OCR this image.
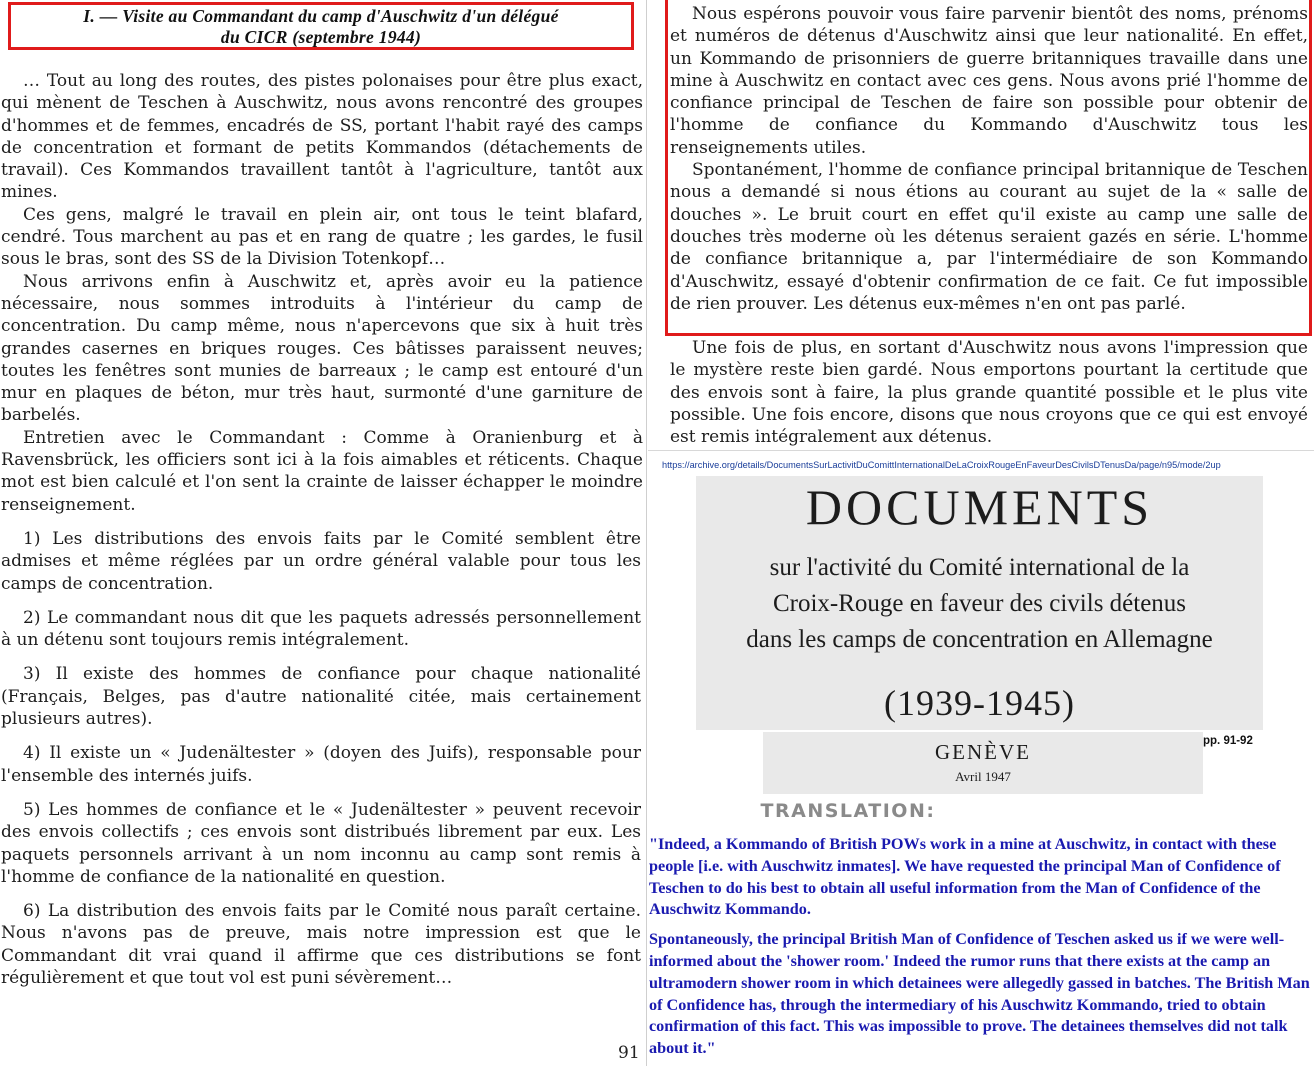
I. — Visite au Commandant du camp d'Auschwitz d'un délégué
du CICR (septembre 1944)

… Tout au long des routes, des pistes polonaises pour être plus exact, qui mènent de Teschen à Auschwitz, nous avons rencontré des groupes d'hommes et de femmes, encadrés de SS, portant l'habit rayé des camps de concentration et formant de petits Kommandos (détachements de travail). Ces Kommandos travaillent tantôt à l'agriculture, tantôt aux mines.

Ces gens, malgré le travail en plein air, ont tous le teint blafard, cendré. Tous marchent au pas et en rang de quatre ; les gardes, le fusil sous le bras, sont des SS de la Division Totenkopf…

Nous arrivons enfin à Auschwitz et, après avoir eu la patience nécessaire, nous sommes introduits à l'intérieur du camp de concentration. Du camp même, nous n'apercevons que six à huit très grandes casernes en briques rouges. Ces bâtisses paraissent neuves; toutes les fenêtres sont munies de barreaux ; le camp est entouré d'un mur en plaques de béton, mur très haut, surmonté d'une garniture de barbelés.

Entretien avec le Commandant : Comme à Oranienburg et à Ravensbrück, les officiers sont ici à la fois aimables et réticents. Chaque mot est bien calculé et l'on sent la crainte de laisser échapper le moindre renseignement.

1) Les distributions des envois faits par le Comité semblent être admises et même réglées par un ordre général valable pour tous les camps de concentration.

2) Le commandant nous dit que les paquets adressés personnellement à un détenu sont toujours remis intégralement.

3) Il existe des hommes de confiance pour chaque nationalité (Français, Belges, pas d'autre nationalité citée, mais certainement plusieurs autres).

4) Il existe un « Judenältester » (doyen des Juifs), responsable pour l'ensemble des internés juifs.

5) Les hommes de confiance et le « Judenältester » peuvent recevoir des envois collectifs ; ces envois sont distribués librement par eux. Les paquets personnels arrivant à un nom inconnu au camp sont remis à l'homme de confiance de la nationalité en question.

6) La distribution des envois faits par le Comité nous paraît certaine. Nous n'avons pas de preuve, mais notre impression est que le Commandant dit vrai quand il affirme que ces distributions se font régulièrement et que tout vol est puni sévèrement…

91

Nous espérons pouvoir vous faire parvenir bientôt des noms, prénoms et numéros de détenus d'Auschwitz ainsi que leur nationalité. En effet, un Kommando de prisonniers de guerre britanniques travaille dans une mine à Auschwitz en contact avec ces gens. Nous avons prié l'homme de confiance principal de Teschen de faire son possible pour obtenir de l'homme de confiance du Kommando d'Auschwitz tous les renseignements utiles.

Spontanément, l'homme de confiance principal britannique de Teschen nous a demandé si nous étions au courant au sujet de la « salle de douches ». Le bruit court en effet qu'il existe au camp une salle de douches très moderne où les détenus seraient gazés en série. L'homme de confiance britannique a, par l'intermédiaire de son Kommando d'Auschwitz, essayé d'obtenir confirmation de ce fait. Ce fut impossible de rien prouver. Les détenus eux-mêmes n'en ont pas parlé.

Une fois de plus, en sortant d'Auschwitz nous avons l'impression que le mystère reste bien gardé. Nous emportons pourtant la certitude que des envois sont à faire, la plus grande quantité possible et le plus vite possible. Une fois encore, disons que nous croyons que ce qui est envoyé est remis intégralement aux détenus.

https://archive.org/details/DocumentsSurLactivitDuComittInternationalDeLaCroixRougeEnFaveurDesCivilsDTenusDa/page/n95/mode/2up
DOCUMENTS
sur l'activité du Comité international de la
Croix-Rouge en faveur des civils détenus
dans les camps de concentration en Allemagne
(1939-1945)
GENÈVE
Avril 1947
pp. 91-92
TRANSLATION:

"Indeed, a Kommando of British POWs work in a mine at Auschwitz, in contact with these people [i.e. with Auschwitz inmates]. We have requested the principal Man of Confidence of Teschen to do his best to obtain all useful information from the Man of Confidence of the Auschwitz Kommando.

Spontaneously, the principal British Man of Confidence of Teschen asked us if we were well-informed about the 'shower room.' Indeed the rumor runs that there exists at the camp an ultramodern shower room in which detainees were allegedly gassed in batches. The British Man of Confidence has, through the intermediary of his Auschwitz Kommando, tried to obtain confirmation of this fact. This was impossible to prove. The detainees themselves did not talk about it."
